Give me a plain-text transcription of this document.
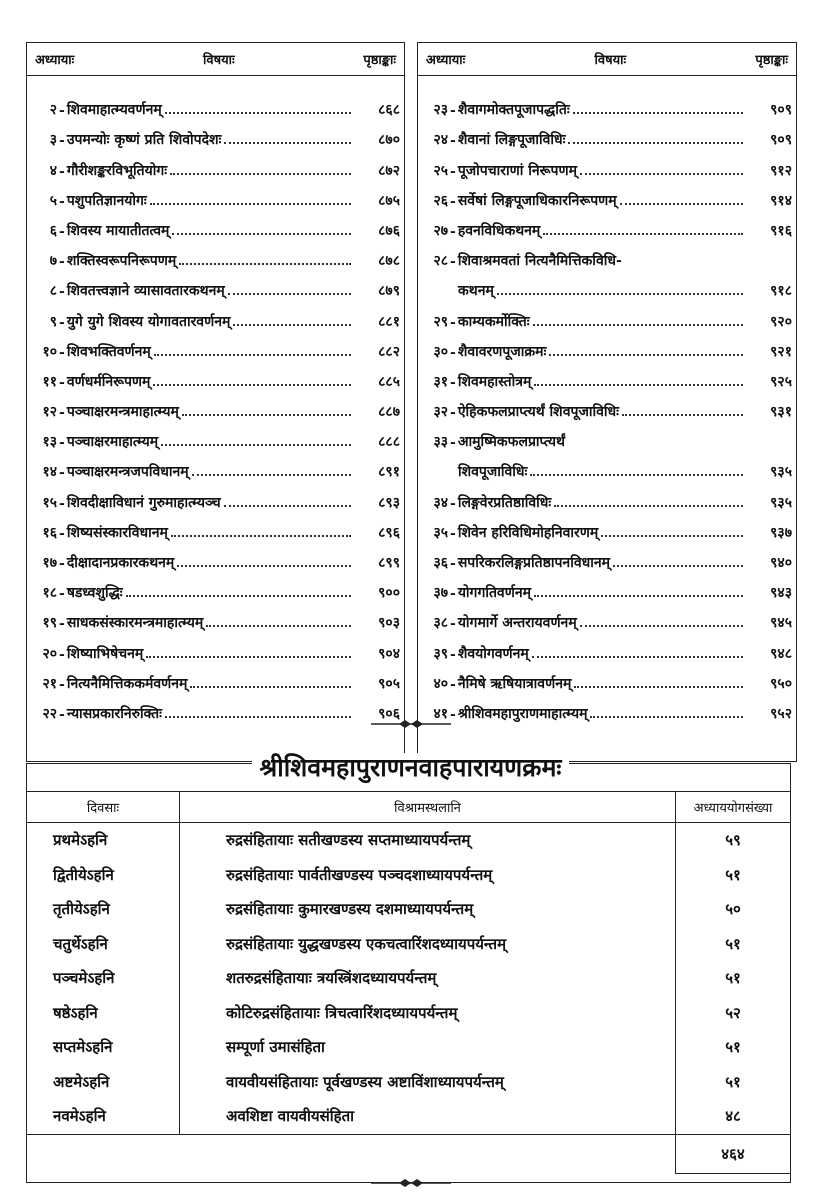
अध्यायाः	विषयाः	पृष्ठाङ्काः
२ - शिवमाहात्म्यवर्णनम्	८६८
३ - उपमन्योः कृष्णं प्रति शिवोपदेशः	८७०
४ - गौरीशङ्करविभूतियोगः	८७२
५ - पशुपतिज्ञानयोगः	८७५
६ - शिवस्य मायातीतत्वम्	८७६
७ - शक्तिस्वरूपनिरूपणम्	८७८
८ - शिवतत्त्वज्ञाने व्यासावतारकथनम्	८७९
९ - युगे युगे शिवस्य योगावतारवर्णनम्	८८१
१० - शिवभक्तिवर्णनम्	८८२
११ - वर्णधर्मनिरूपणम्	८८५
१२ - पञ्चाक्षरमन्त्रमाहात्म्यम्	८८७
१३ - पञ्चाक्षरमाहात्म्यम्	८८८
१४ - पञ्चाक्षरमन्त्रजपविधानम्	८९१
१५ - शिवदीक्षाविधानं गुरुमाहात्म्यञ्च	८९३
१६ - शिष्यसंस्कारविधानम्	८९६
१७ - दीक्षादानप्रकारकथनम्	८९९
१८ - षडध्वशुद्धिः	९००
१९ - साधकसंस्कारमन्त्रमाहात्म्यम्	९०३
२० - शिष्याभिषेचनम्	९०४
२१ - नित्यनैमित्तिककर्मवर्णनम्	९०५
२२ - न्यासप्रकारनिरुक्तिः	९०६
अध्यायाः	विषयाः	पृष्ठाङ्काः
२३ - शैवागमोक्तपूजापद्धतिः	९०९
२४ - शैवानां लिङ्गपूजाविधिः	९०९
२५ - पूजोपचाराणां निरूपणम्	९१२
२६ - सर्वेषां लिङ्गपूजाधिकारनिरूपणम्	९१४
२७ - हवनविधिकथनम्	९१६
२८ - शिवाश्रमवतां नित्यनैमित्तिकविधि-
कथनम्	९१८
२९ - काम्यकर्मोक्तिः	९२०
३० - शैवावरणपूजाक्रमः	९२१
३१ - शिवमहास्तोत्रम्	९२५
३२ - ऐहिकफलप्राप्त्यर्थं शिवपूजाविधिः	९३१
३३ - आमुष्मिकफलप्राप्त्यर्थं
शिवपूजाविधिः	९३५
३४ - लिङ्गवेरप्रतिष्ठाविधिः	९३५
३५ - शिवेन हरिविधिमोहनिवारणम्	९३७
३६ - सपरिकरलिङ्गप्रतिष्ठापनविधानम्	९४०
३७ - योगगतिवर्णनम्	९४३
३८ - योगमार्गे अन्तरायवर्णनम्	९४५
३९ - शैवयोगवर्णनम्	९४८
४० - नैमिषे ऋषियात्रावर्णनम्	९५०
४१ - श्रीशिवमहापुराणमाहात्म्यम्	९५२
दिवसाः	विश्रामस्थलानि	अध्याययोगसंख्या
प्रथमेऽहनि	रुद्रसंहितायाः सतीखण्डस्य सप्तमाध्यायपर्यन्तम्	५९
द्वितीयेऽहनि	रुद्रसंहितायाः पार्वतीखण्डस्य पञ्चदशाध्यायपर्यन्तम्	५१
तृतीयेऽहनि	रुद्रसंहितायाः कुमारखण्डस्य दशमाध्यायपर्यन्तम्	५०
चतुर्थेऽहनि	रुद्रसंहितायाः युद्धखण्डस्य एकचत्वारिंशदध्यायपर्यन्तम्	५१
पञ्चमेऽहनि	शतरुद्रसंहितायाः त्रयस्त्रिंशदध्यायपर्यन्तम्	५१
षष्ठेऽहनि	कोटिरुद्रसंहितायाः त्रिचत्वारिंशदध्यायपर्यन्तम्	५२
सप्तमेऽहनि	सम्पूर्णा उमासंहिता	५१
अष्टमेऽहनि	वायवीयसंहितायाः पूर्वखण्डस्य अष्टाविंशाध्यायपर्यन्तम्	५१
नवमेऽहनि	अवशिष्टा वायवीयसंहिता	४८
		४६४
श्रीशिवमहापुराणनवाहपारायणक्रमः
